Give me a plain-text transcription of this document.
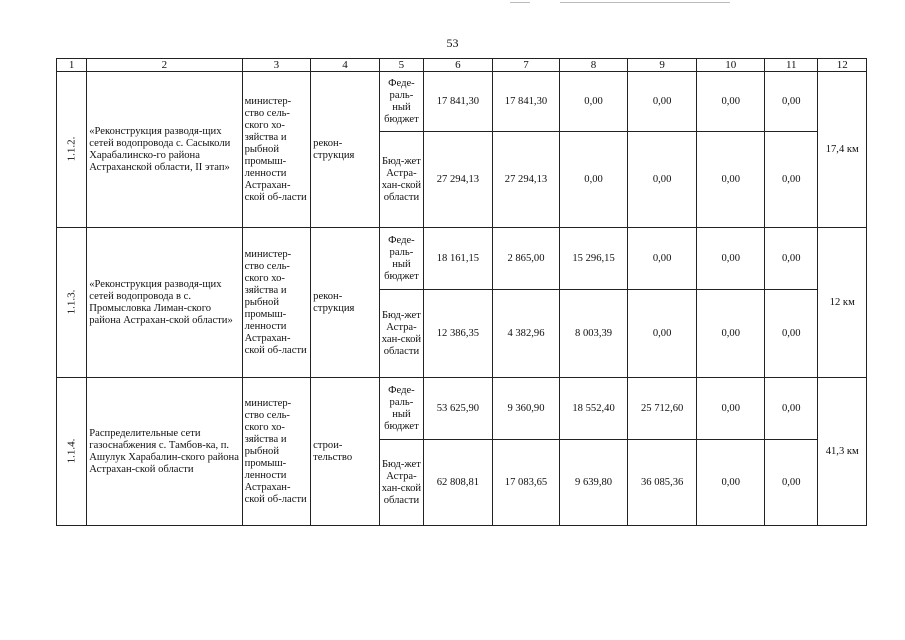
53
1	2	3	4	5	6	7	8	9	10	11	12
1.1.2.	«Реконструкция разводя-щих сетей водопровода с. Сасыколи Харабалинско-го района Астраханской области, II этап»	министер-ство сель-ского хо-зяйства и рыбной промыш-ленности Астрахан-ской об-ласти	рекон-струкция	Феде-раль-ный бюджет	17 841,30	17 841,30	0,00	0,00	0,00	0,00	17,4 км
				Бюд-жет Астра-хан-ской области	27 294,13	27 294,13	0,00	0,00	0,00	0,00	
1.1.3.	«Реконструкция разводя-щих сетей водопровода в с. Промысловка Лиман-ского района Астрахан-ской области»	министер-ство сель-ского хо-зяйства и рыбной промыш-ленности Астрахан-ской об-ласти	рекон-струкция	Феде-раль-ный бюджет	18 161,15	2 865,00	15 296,15	0,00	0,00	0,00	12 км
				Бюд-жет Астра-хан-ской области	12 386,35	4 382,96	8 003,39	0,00	0,00	0,00	
1.1.4.	Распределительные сети газоснабжения с. Тамбов-ка, п. Ашулук Харабалин-ского района Астрахан-ской области	министер-ство сель-ского хо-зяйства и рыбной промыш-ленности Астрахан-ской об-ласти	строи-тельство	Феде-раль-ный бюджет	53 625,90	9 360,90	18 552,40	25 712,60	0,00	0,00	41,3 км
				Бюд-жет Астра-хан-ской области	62 808,81	17 083,65	9 639,80	36 085,36	0,00	0,00	
